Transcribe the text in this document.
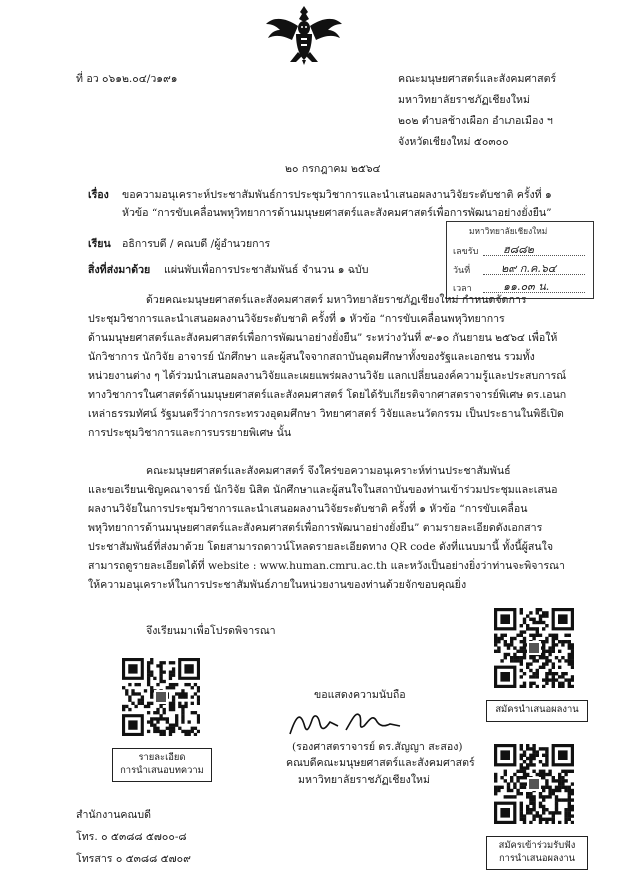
ที่ อว ๐๖๑๒.๐๔/ว๑๙๑	คณะมนุษยศาสตร์และสังคมศาสตร์
มหาวิทยาลัยราชภัฏเชียงใหม่
๒๐๒ ตำบลช้างเผือก อำเภอเมือง ฯ
จังหวัดเชียงใหม่ ๕๐๓๐๐
๒๐ กรกฎาคม ๒๕๖๔
เรื่อง ขอความอนุเคราะห์ประชาสัมพันธ์การประชุมวิชาการและนำเสนอผลงานวิจัยระดับชาติ ครั้งที่ ๑
หัวข้อ “การขับเคลื่อนพหุวิทยาการด้านมนุษยศาสตร์และสังคมศาสตร์เพื่อการพัฒนาอย่างยั่งยืน”
เรียน อธิการบดี / คณบดี /ผู้อำนวยการ
สิ่งที่ส่งมาด้วย แผ่นพับเพื่อการประชาสัมพันธ์ จำนวน ๑ ฉบับ
มหาวิทยาลัยเชียงใหม่
เลขรับ ฮ๘๘๒
วันที่	๒๙ ก.ค.๖๔
เวลา	๑๑.๐๓ น.
ด้วยคณะมนุษยศาสตร์และสังคมศาสตร์ มหาวิทยาลัยราชภัฏเชียงใหม่ กำหนดจัดการ
ประชุมวิชาการและนำเสนอผลงานวิจัยระดับชาติ ครั้งที่ ๑ หัวข้อ “การขับเคลื่อนพหุวิทยาการ
ด้านมนุษยศาสตร์และสังคมศาสตร์เพื่อการพัฒนาอย่างยั่งยืน” ระหว่างวันที่ ๙-๑๐ กันยายน ๒๕๖๔ เพื่อให้
นักวิชาการ นักวิจัย อาจารย์ นักศึกษา และผู้สนใจจากสถาบันอุดมศึกษาทั้งของรัฐและเอกชน รวมทั้ง
หน่วยงานต่าง ๆ ได้ร่วมนำเสนอผลงานวิจัยและเผยแพร่ผลงานวิจัย แลกเปลี่ยนองค์ความรู้และประสบการณ์
ทางวิชาการในศาสตร์ด้านมนุษยศาสตร์และสังคมศาสตร์ โดยได้รับเกียรติจากศาสตราจารย์พิเศษ ดร.เอนก
เหล่าธรรมทัศน์ รัฐมนตรีว่าการกระทรวงอุดมศึกษา วิทยาศาสตร์ วิจัยและนวัตกรรม เป็นประธานในพิธีเปิด
การประชุมวิชาการและการบรรยายพิเศษ นั้น
คณะมนุษยศาสตร์และสังคมศาสตร์ จึงใคร่ขอความอนุเคราะห์ท่านประชาสัมพันธ์
และขอเรียนเชิญคณาจารย์ นักวิจัย นิสิต นักศึกษาและผู้สนใจในสถาบันของท่านเข้าร่วมประชุมและเสนอ
ผลงานวิจัยในการประชุมวิชาการและนำเสนอผลงานวิจัยระดับชาติ ครั้งที่ ๑ หัวข้อ “การขับเคลื่อน
พหุวิทยาการด้านมนุษยศาสตร์และสังคมศาสตร์เพื่อการพัฒนาอย่างยั่งยืน” ตามรายละเอียดดังเอกสาร
ประชาสัมพันธ์ที่ส่งมาด้วย โดยสามารถดาวน์โหลดรายละเอียดทาง QR code ดังที่แนบมานี้ ทั้งนี้ผู้สนใจ
สามารถดูรายละเอียดได้ที่ website : www.human.cmru.ac.th และหวังเป็นอย่างยิ่งว่าท่านจะพิจารณา
ให้ความอนุเคราะห์ในการประชาสัมพันธ์ภายในหน่วยงานของท่านด้วยจักขอบคุณยิ่ง
จึงเรียนมาเพื่อโปรดพิจารณา
รายละเอียด
การนำเสนอบทความ
สมัครนำเสนอผลงาน
สมัครเข้าร่วมรับฟัง
การนำเสนอผลงาน
ขอแสดงความนับถือ
(รองศาสตราจารย์ ดร.สัญญา สะสอง)
คณบดีคณะมนุษยศาสตร์และสังคมศาสตร์
มหาวิทยาลัยราชภัฏเชียงใหม่
สำนักงานคณบดี
โทร. ๐ ๕๓๘๘ ๕๗๐๐-๘
โทรสาร ๐ ๕๓๘๘ ๕๗๐๙
